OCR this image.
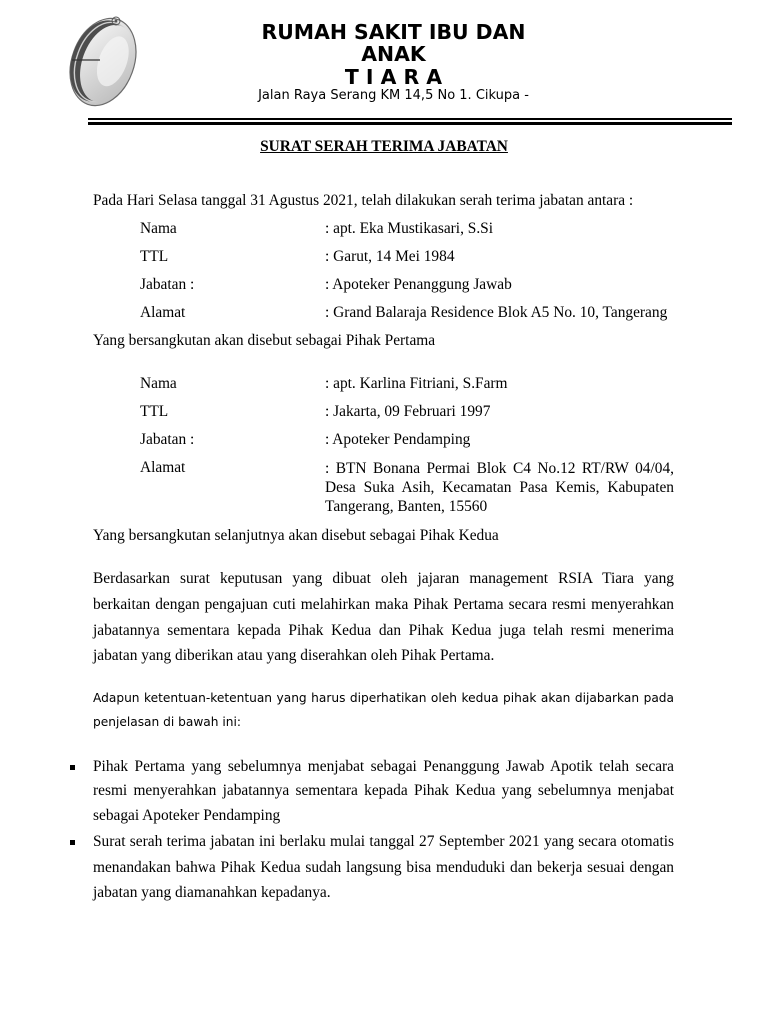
RUMAH SAKIT IBU DAN
ANAK
T I A R A
Jalan Raya Serang KM 14,5 No 1. Cikupa -
SURAT SERAH TERIMA JABATAN
Pada Hari Selasa tanggal 31 Agustus 2021, telah dilakukan serah terima jabatan antara :
Nama	: apt. Eka Mustikasari, S.Si
TTL	: Garut, 14 Mei 1984
Jabatan :	: Apoteker Penanggung Jawab
Alamat	: Grand Balaraja Residence Blok A5 No. 10, Tangerang
Yang bersangkutan akan disebut sebagai Pihak Pertama
Nama	: apt. Karlina Fitriani, S.Farm
TTL	: Jakarta, 09 Februari 1997
Jabatan :	: Apoteker Pendamping
Alamat	: BTN Bonana Permai Blok C4 No.12 RT/RW 04/04,
Desa Suka Asih, Kecamatan Pasa Kemis, Kabupaten
Tangerang, Banten, 15560
Yang bersangkutan selanjutnya akan disebut sebagai Pihak Kedua
Berdasarkan surat keputusan yang dibuat oleh jajaran management RSIA Tiara yang
berkaitan dengan pengajuan cuti melahirkan maka Pihak Pertama secara resmi menyerahkan
jabatannya sementara kepada Pihak Kedua dan Pihak Kedua juga telah resmi menerima
jabatan yang diberikan atau yang diserahkan oleh Pihak Pertama.
Adapun ketentuan-ketentuan yang harus diperhatikan oleh kedua pihak akan dijabarkan pada
penjelasan di bawah ini:
Pihak Pertama yang sebelumnya menjabat sebagai Penanggung Jawab Apotik telah secara
resmi menyerahkan jabatannya sementara kepada Pihak Kedua yang sebelumnya menjabat
sebagai Apoteker Pendamping
Surat serah terima jabatan ini berlaku mulai tanggal 27 September 2021 yang secara otomatis
menandakan bahwa Pihak Kedua sudah langsung bisa menduduki dan bekerja sesuai dengan
jabatan yang diamanahkan kepadanya.
